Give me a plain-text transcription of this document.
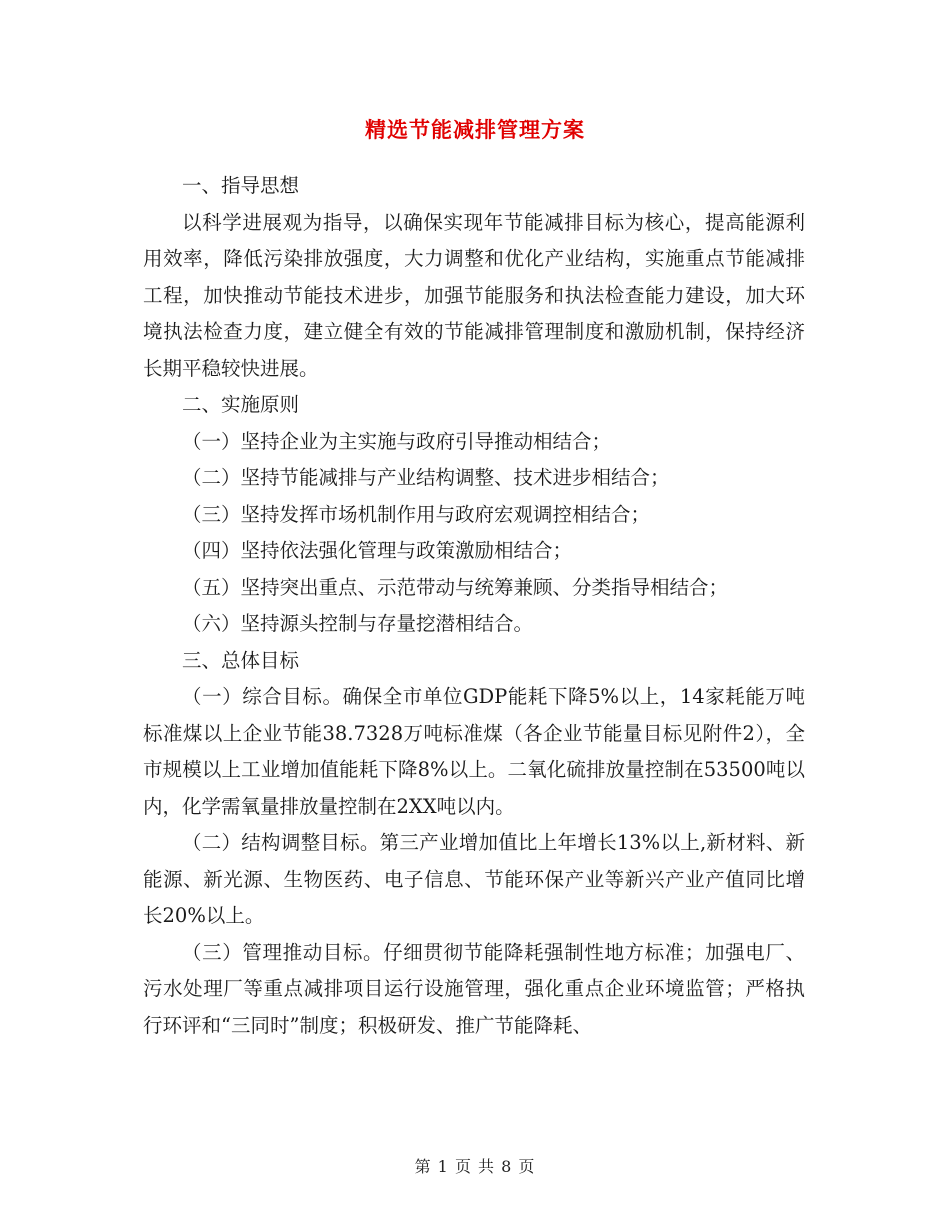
精选节能减排管理方案

一、指导思想

以科学进展观为指导，以确保实现年节能减排目标为核心，提高能源利用效率，降低污染排放强度，大力调整和优化产业结构，实施重点节能减排工程，加快推动节能技术进步，加强节能服务和执法检查能力建设，加大环境执法检查力度，建立健全有效的节能减排管理制度和激励机制，保持经济长期平稳较快进展。

二、实施原则

（一）坚持企业为主实施与政府引导推动相结合；

（二）坚持节能减排与产业结构调整、技术进步相结合；

（三）坚持发挥市场机制作用与政府宏观调控相结合；

（四）坚持依法强化管理与政策激励相结合；

（五）坚持突出重点、示范带动与统筹兼顾、分类指导相结合；

（六）坚持源头控制与存量挖潜相结合。

三、总体目标

（一）综合目标。确保全市单位GDP能耗下降5%以上，14家耗能万吨标准煤以上企业节能38.7328万吨标准煤（各企业节能量目标见附件2），全市规模以上工业增加值能耗下降8%以上。二氧化硫排放量控制在53500吨以内，化学需氧量排放量控制在2XX吨以内。

（二）结构调整目标。第三产业增加值比上年增长13%以上,新材料、新能源、新光源、生物医药、电子信息、节能环保产业等新兴产业产值同比增长20%以上。

（三）管理推动目标。仔细贯彻节能降耗强制性地方标准；加强电厂、污水处理厂等重点减排项目运行设施管理，强化重点企业环境监管；严格执行环评和“三同时”制度；积极研发、推广节能降耗、

第 1 页 共 8 页
